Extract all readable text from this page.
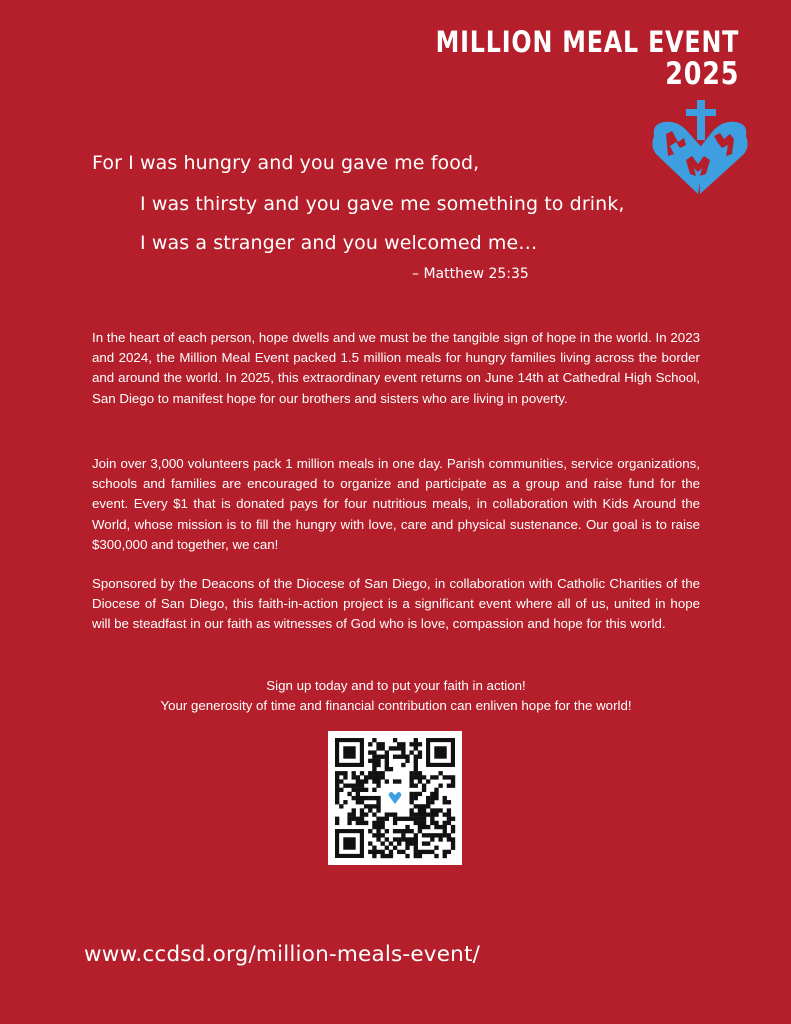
MILLION MEAL EVENT
2025
For I was hungry and you gave me food,
I was thirsty and you gave me something to drink,
I was a stranger and you welcomed me…
– Matthew 25:35

In the heart of each person, hope dwells and we must be the tangible sign of hope in the world. In 2023 and 2024, the Million Meal Event packed 1.5 million meals for hungry families living across the border and around the world. In 2025, this extraordinary event returns on June 14th at Cathedral High School, San Diego to manifest hope for our brothers and sisters who are living in poverty.

Join over 3,000 volunteers pack 1 million meals in one day. Parish communities, service organizations, schools and families are encouraged to organize and participate as a group and raise fund for the event. Every $1 that is donated pays for four nutritious meals, in collaboration with Kids Around the World, whose mission is to fill the hungry with love, care and physical sustenance. Our goal is to raise $300,000 and together, we can!

Sponsored by the Deacons of the Diocese of San Diego, in collaboration with Catholic Charities of the Diocese of San Diego, this faith-in-action project is a significant event where all of us, united in hope will be steadfast in our faith as witnesses of God who is love, compassion and hope for this world.

Sign up today and to put your faith in action!
Your generosity of time and financial contribution can enliven hope for the world!
www.ccdsd.org/million-meals-event/
